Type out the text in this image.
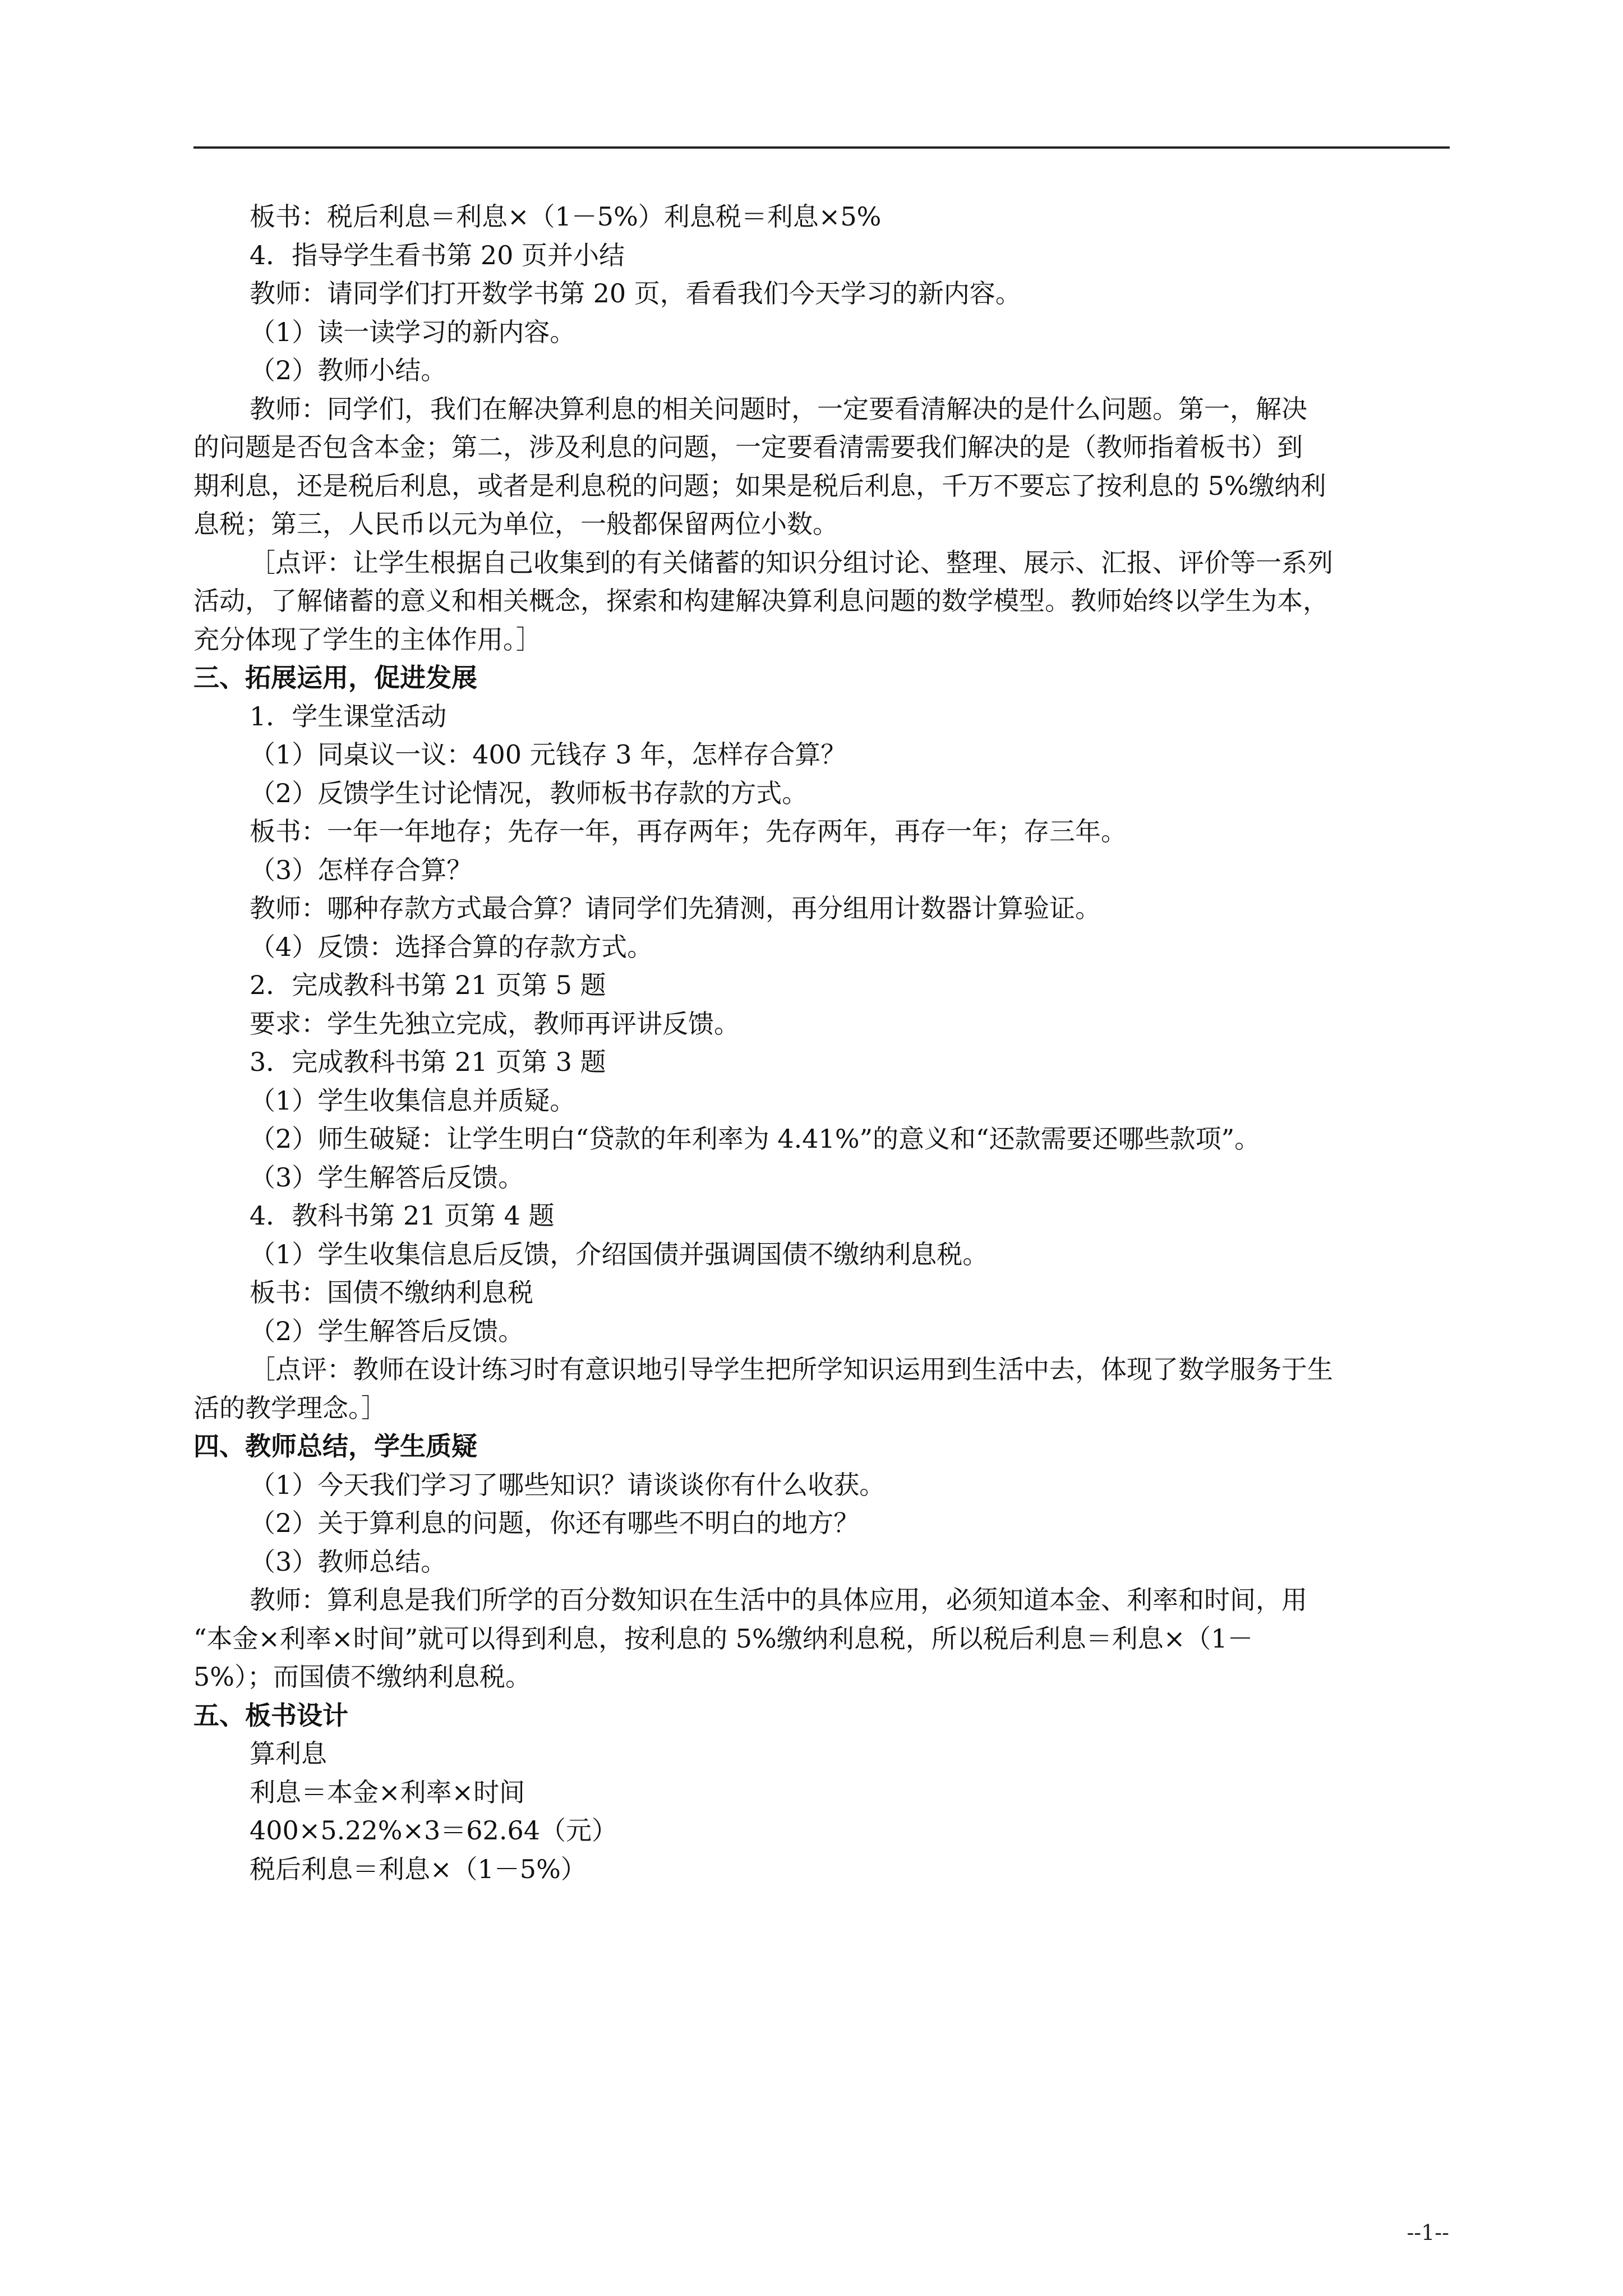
板书：税后利息＝利息×（1－5%）利息税＝利息×5%
4．指导学生看书第 20 页并小结
教师：请同学们打开数学书第 20 页，看看我们今天学习的新内容。
（1）读一读学习的新内容。
（2）教师小结。
教师：同学们，我们在解决算利息的相关问题时，一定要看清解决的是什么问题。第一，解决
的问题是否包含本金；第二，涉及利息的问题，一定要看清需要我们解决的是（教师指着板书）到
期利息，还是税后利息，或者是利息税的问题；如果是税后利息，千万不要忘了按利息的 5%缴纳利
息税；第三，人民币以元为单位，一般都保留两位小数。
［点评：让学生根据自己收集到的有关储蓄的知识分组讨论、整理、展示、汇报、评价等一系列
活动，了解储蓄的意义和相关概念，探索和构建解决算利息问题的数学模型。教师始终以学生为本，
充分体现了学生的主体作用。］
三、拓展运用，促进发展
1．学生课堂活动
（1）同桌议一议：400 元钱存 3 年，怎样存合算？
（2）反馈学生讨论情况，教师板书存款的方式。
板书：一年一年地存；先存一年，再存两年；先存两年，再存一年；存三年。
（3）怎样存合算？
教师：哪种存款方式最合算？请同学们先猜测，再分组用计数器计算验证。
（4）反馈：选择合算的存款方式。
2．完成教科书第 21 页第 5 题
要求：学生先独立完成，教师再评讲反馈。
3．完成教科书第 21 页第 3 题
（1）学生收集信息并质疑。
（2）师生破疑：让学生明白“贷款的年利率为 4.41%”的意义和“还款需要还哪些款项”。
（3）学生解答后反馈。
4．教科书第 21 页第 4 题
（1）学生收集信息后反馈，介绍国债并强调国债不缴纳利息税。
板书：国债不缴纳利息税
（2）学生解答后反馈。
［点评：教师在设计练习时有意识地引导学生把所学知识运用到生活中去，体现了数学服务于生
活的教学理念。］
四、教师总结，学生质疑
（1）今天我们学习了哪些知识？请谈谈你有什么收获。
（2）关于算利息的问题，你还有哪些不明白的地方？
（3）教师总结。
教师：算利息是我们所学的百分数知识在生活中的具体应用，必须知道本金、利率和时间，用
“本金×利率×时间”就可以得到利息，按利息的 5%缴纳利息税，所以税后利息＝利息×（1－
5%）；而国债不缴纳利息税。
五、板书设计
算利息
利息＝本金×利率×时间
400×5.22%×3＝62.64（元）
税后利息＝利息×（1－5%）
--1--
